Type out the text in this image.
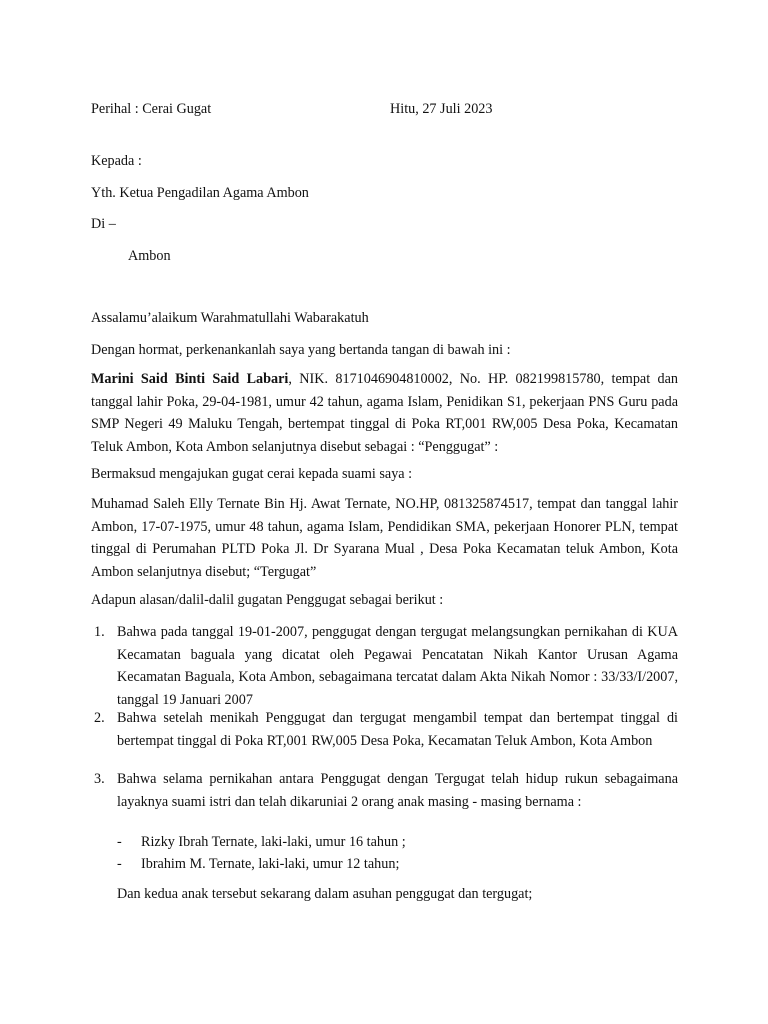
Perihal : Cerai Gugat	Hitu, 27 Juli 2023
Kepada :
Yth. Ketua Pengadilan Agama Ambon
Di –
Ambon
Assalamu’alaikum Warahmatullahi Wabarakatuh
Dengan hormat, perkenankanlah saya yang bertanda tangan di bawah ini :
Marini Said Binti Said Labari, NIK. 8171046904810002, No. HP. 082199815780, tempat dan tanggal lahir Poka, 29-04-1981, umur 42 tahun, agama Islam, Penidikan S1, pekerjaan PNS Guru pada SMP Negeri 49 Maluku Tengah, bertempat tinggal di Poka RT,001 RW,005 Desa Poka, Kecamatan Teluk Ambon, Kota Ambon selanjutnya disebut sebagai : “Penggugat” :
Bermaksud mengajukan gugat cerai kepada suami saya :
Muhamad Saleh Elly Ternate Bin Hj. Awat Ternate, NO.HP, 081325874517, tempat dan tanggal lahir Ambon, 17-07-1975, umur 48 tahun, agama Islam, Pendidikan SMA, pekerjaan Honorer PLN, tempat tinggal di Perumahan PLTD Poka Jl. Dr Syarana Mual , Desa Poka Kecamatan teluk Ambon, Kota Ambon selanjutnya disebut; “Tergugat”
Adapun alasan/dalil-dalil gugatan Penggugat sebagai berikut :
1. Bahwa pada tanggal 19-01-2007, penggugat dengan tergugat melangsungkan pernikahan di KUA Kecamatan baguala yang dicatat oleh Pegawai Pencatatan Nikah Kantor Urusan Agama Kecamatan Baguala, Kota Ambon, sebagaimana tercatat dalam Akta Nikah Nomor : 33/33/I/2007, tanggal 19 Januari 2007
2. Bahwa setelah menikah Penggugat dan tergugat mengambil tempat dan bertempat tinggal di bertempat tinggal di Poka RT,001 RW,005 Desa Poka, Kecamatan Teluk Ambon, Kota Ambon
3. Bahwa selama pernikahan antara Penggugat dengan Tergugat telah hidup rukun sebagaimana layaknya suami istri dan telah dikaruniai 2 orang anak masing - masing bernama :
- Rizky Ibrah Ternate, laki-laki, umur 16 tahun ;
- Ibrahim M. Ternate, laki-laki, umur 12 tahun;
Dan kedua anak tersebut sekarang dalam asuhan penggugat dan tergugat;
